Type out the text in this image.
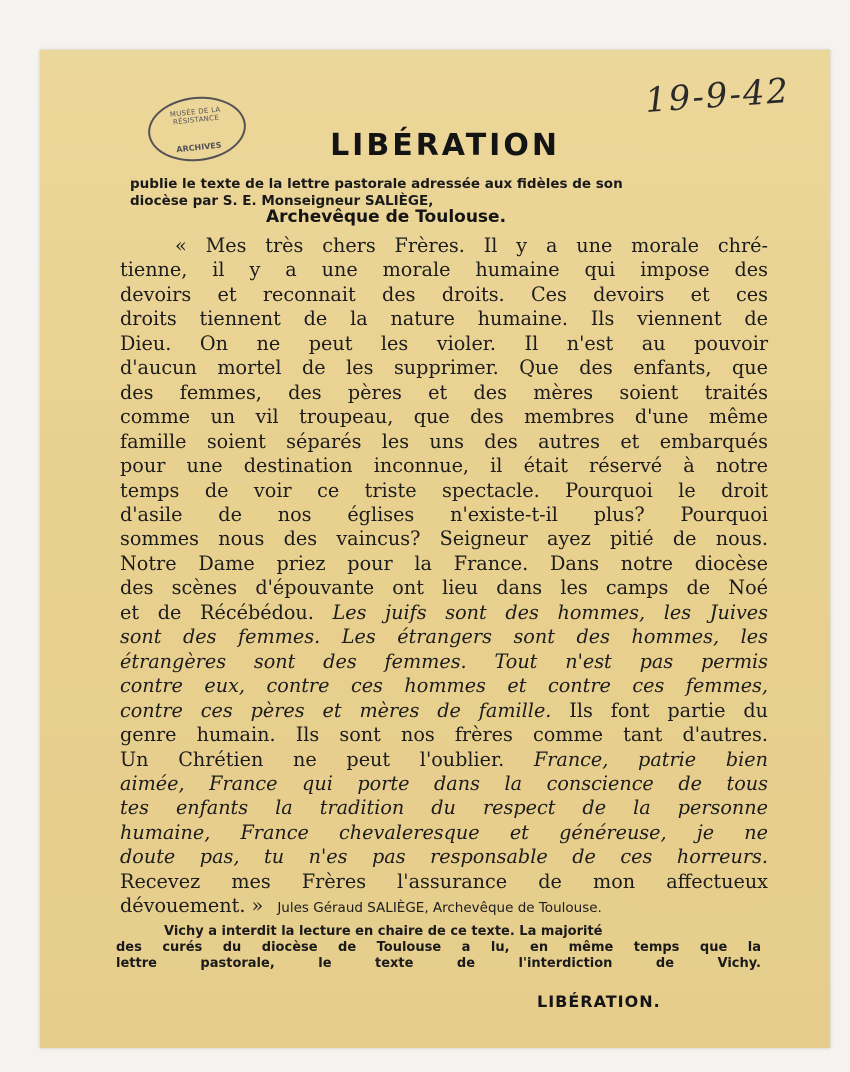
MUSÉE DE LA RÉSISTANCE
ARCHIVES
19-9-42
LIBÉRATION
publie le texte de la lettre pastorale adressée aux fidèles de son
diocèse par S. E. Monseigneur SALIÈGE,
Archevêque de Toulouse.
« Mes très chers Frères. Il y a une morale chré-
tienne, il y a une morale humaine qui impose des
devoirs et reconnait des droits. Ces devoirs et ces
droits tiennent de la nature humaine. Ils viennent de
Dieu. On ne peut les violer. Il n'est au pouvoir
d'aucun mortel de les supprimer. Que des enfants, que
des femmes, des pères et des mères soient traités
comme un vil troupeau, que des membres d'une même
famille soient séparés les uns des autres et embarqués
pour une destination inconnue, il était réservé à notre
temps de voir ce triste spectacle. Pourquoi le droit
d'asile de nos églises n'existe-t-il plus? Pourquoi
sommes nous des vaincus? Seigneur ayez pitié de nous.
Notre Dame priez pour la France. Dans notre diocèse
des scènes d'épouvante ont lieu dans les camps de Noé
et de Récébédou. Les juifs sont des hommes, les Juives
sont des femmes. Les étrangers sont des hommes, les
étrangères sont des femmes. Tout n'est pas permis
contre eux, contre ces hommes et contre ces femmes,
contre ces pères et mères de famille. Ils font partie du
genre humain. Ils sont nos frères comme tant d'autres.
Un Chrétien ne peut l'oublier. France, patrie bien
aimée, France qui porte dans la conscience de tous
tes enfants la tradition du respect de la personne
humaine, France chevaleresque et généreuse, je ne
doute pas, tu n'es pas responsable de ces horreurs.
Recevez mes Frères l'assurance de mon affectueux
dévouement. » Jules Géraud SALIÈGE, Archevêque de Toulouse.
Vichy a interdit la lecture en chaire de ce texte. La majorité
des curés du diocèse de Toulouse a lu, en même temps que la
lettre pastorale, le texte de l'interdiction de Vichy.
LIBÉRATION.
